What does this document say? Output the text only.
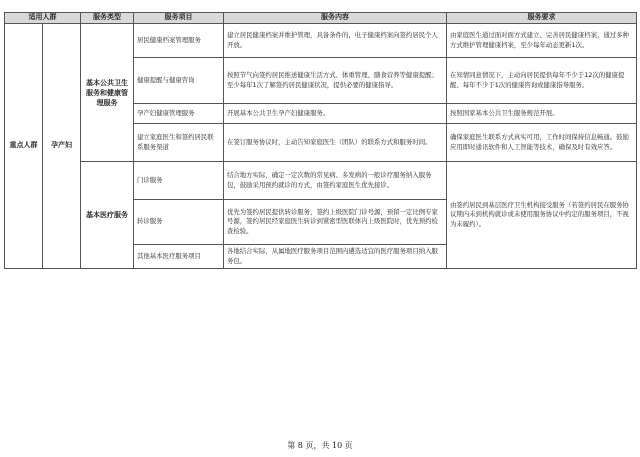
适用人群		服务类型	服务项目	服务内容	服务要求
重点人群	孕产妇	基本公共卫生服务和健康管理服务	居民健康档案管理服务	建立居民健康档案并维护管理，具备条件的，电子健康档案向签约居民个人开放。	由家庭医生通过面对面方式建立、完善居民健康档案，通过多种方式维护管理健康档案，至少每年动态更新1次。
			健康提醒与健康咨询	按照节气向签约居民推送健康生活方式、体重管理、膳食营养等健康提醒；至少每年1次了解签约居民健康状况，提供必要的健康指导。	在知情同意情况下，主动向居民提供每年不少于12次的健康提醒、每年不少于1次的健康咨询或健康指导服务。
			孕产妇健康管理服务	开展基本公共卫生孕产妇健康服务。	按照国家基本公共卫生服务规范开展。
			建立家庭医生和签约居民联系服务渠道	在签订服务协议时，主动告知家庭医生（团队）的联系方式和服务时间。	确保家庭医生联系方式真实可用，工作时间保持信息畅通。鼓励应用即时通讯软件和人工智能等技术，确保及时有效应答。
		基本医疗服务	门诊服务	结合地方实际，确定一定次数的常见病、多发病的一般诊疗服务纳入服务包，鼓励采用预约就诊的方式，由签约家庭医生优先接诊。	由签约居民到基层医疗卫生机构接受服务（若签约居民在服务协议期内未到机构就诊或未使用服务协议中约定的服务项目，不视为未履约）。
			转诊服务	优先为签约居民提供转诊服务，签约上级医院门诊号源，预留一定比例专家号源，签约居民经家庭医生转诊到紧密型医联体内上级医院时，优先预约检查检验。	
			其他基本医疗服务项目	各地结合实际，从属地医疗服务项目范围内遴选适宜的医疗服务项目纳入服务包。	
第 8 页，共 10 页
